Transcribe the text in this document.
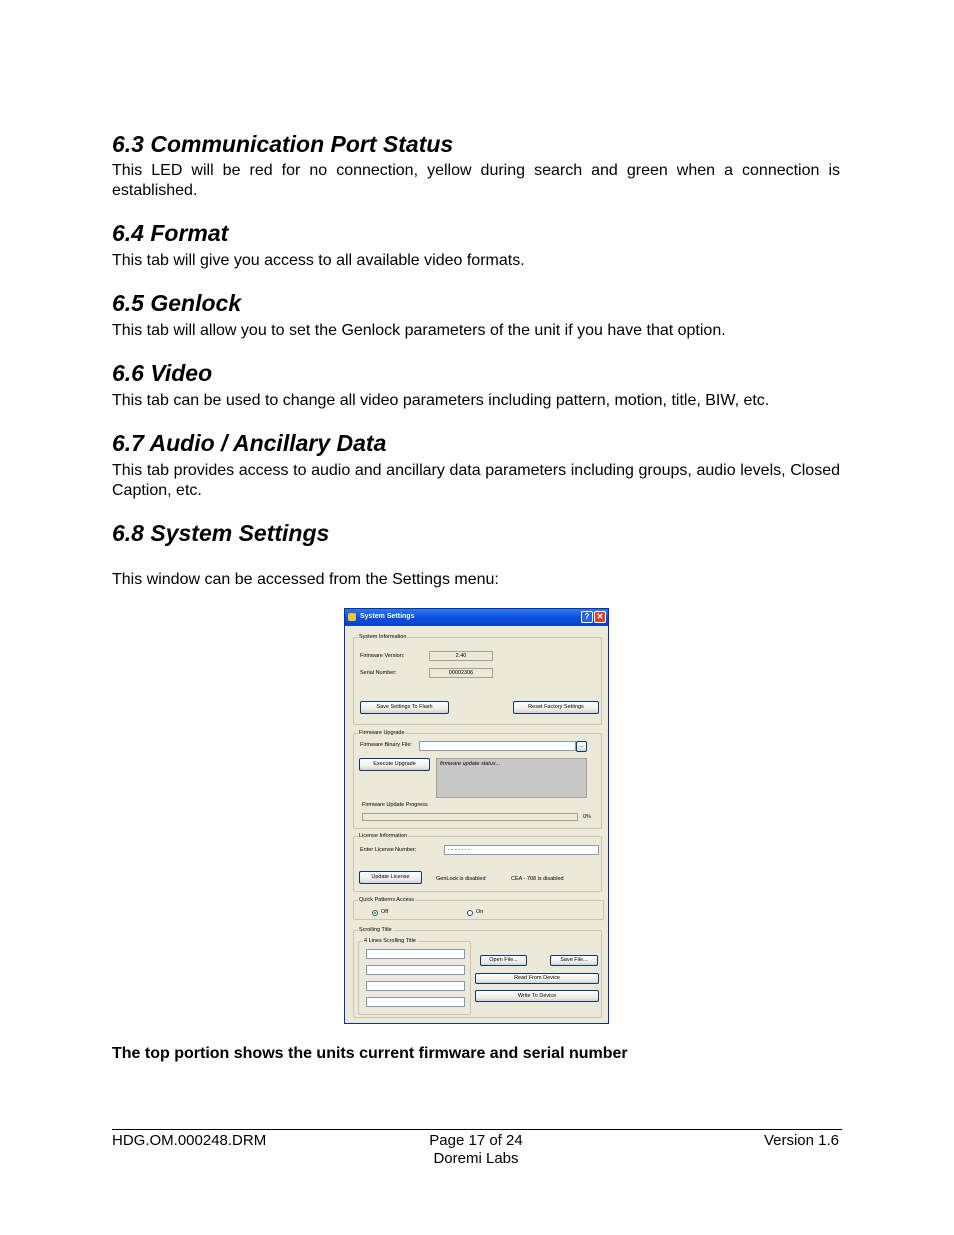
6.3 Communication Port Status

This LED will be red for no connection, yellow during search and green when a connection is established.

6.4 Format

This tab will give you access to all available video formats.

6.5 Genlock

This tab will allow you to set the Genlock parameters of the unit if you have that option.

6.6 Video

This tab can be used to change all video parameters including pattern, motion, title, BIW, etc.

6.7 Audio / Ancillary Data

This tab provides access to audio and ancillary data parameters including groups, audio levels, Closed Caption, etc.

6.8 System Settings

This window can be accessed from the Settings menu:

System Settings	? ✕
System Information
Firmware Version:	2.40
Serial Number:	00002306
Save Settings To Flash	Reset Factory Settings
Firmware Upgrade
Firmware Binary File:	...
Execute Upgrade	firmware update status...
Firmware Update Progress
0%
License Information
Enter License Number:	- - - - - - -
Update License	GenLock is disabled	CEA - 708 is disabled
Quick Patterns Access
Off	On
Scrolling Title
4 Lines Scrolling Title
Open File...	Save File...
Read From Device
Write To Device

The top portion shows the units current firmware and serial number

HDG.OM.000248.DRM	Page 17 of 24
Doremi Labs
Version 1.6
